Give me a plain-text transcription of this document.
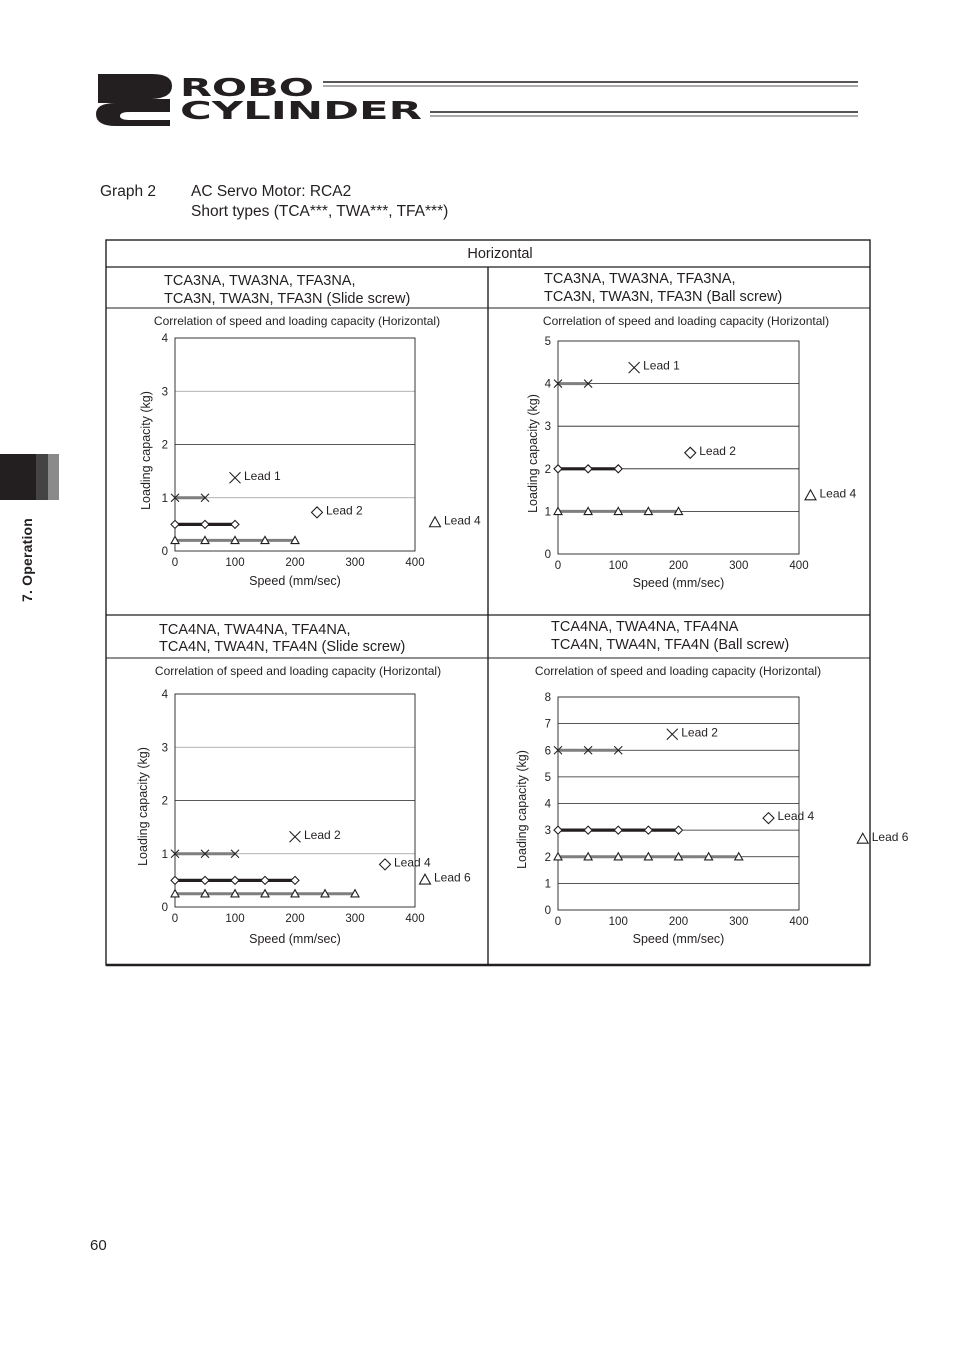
ROBO
CYLINDER
7. Operation
Graph 2 AC Servo Motor: RCA2
Short types (TCA***, TWA***, TFA***)
Horizontal
TCA3NA, TWA3NA, TFA3NA,
TCA3N, TWA3N, TFA3N (Slide screw)
Correlation of speed and loading capacity (Horizontal)
0
1
2
3
4
0	100	200	300	400
Speed (mm/sec)
Loading capacity (kg)	Lead 1
Lead 2
Lead 4
TCA3NA, TWA3NA, TFA3NA,
TCA3N, TWA3N, TFA3N (Ball screw)
Correlation of speed and loading capacity (Horizontal)
0
1
2
3
4
5
0	100	200	300	400
Speed (mm/sec)
Loading capacity (kg)
Lead 1
Lead 2
Lead 4
TCA4NA, TWA4NA, TFA4NA,
TCA4N, TWA4N, TFA4N (Slide screw)
Correlation of speed and loading capacity (Horizontal)
0
1
2
3
4
0	100	200	300	400
Speed (mm/sec)
Loading capacity (kg)	Lead 2
Lead 4
Lead 6
TCA4NA, TWA4NA, TFA4NA
TCA4N, TWA4N, TFA4N (Ball screw)
Correlation of speed and loading capacity (Horizontal)
0
1
2
3
4
5
6
7
8
0	100	200	300	400
Speed (mm/sec)
Loading capacity (kg)
Lead 2
Lead 4
Lead 6
60
